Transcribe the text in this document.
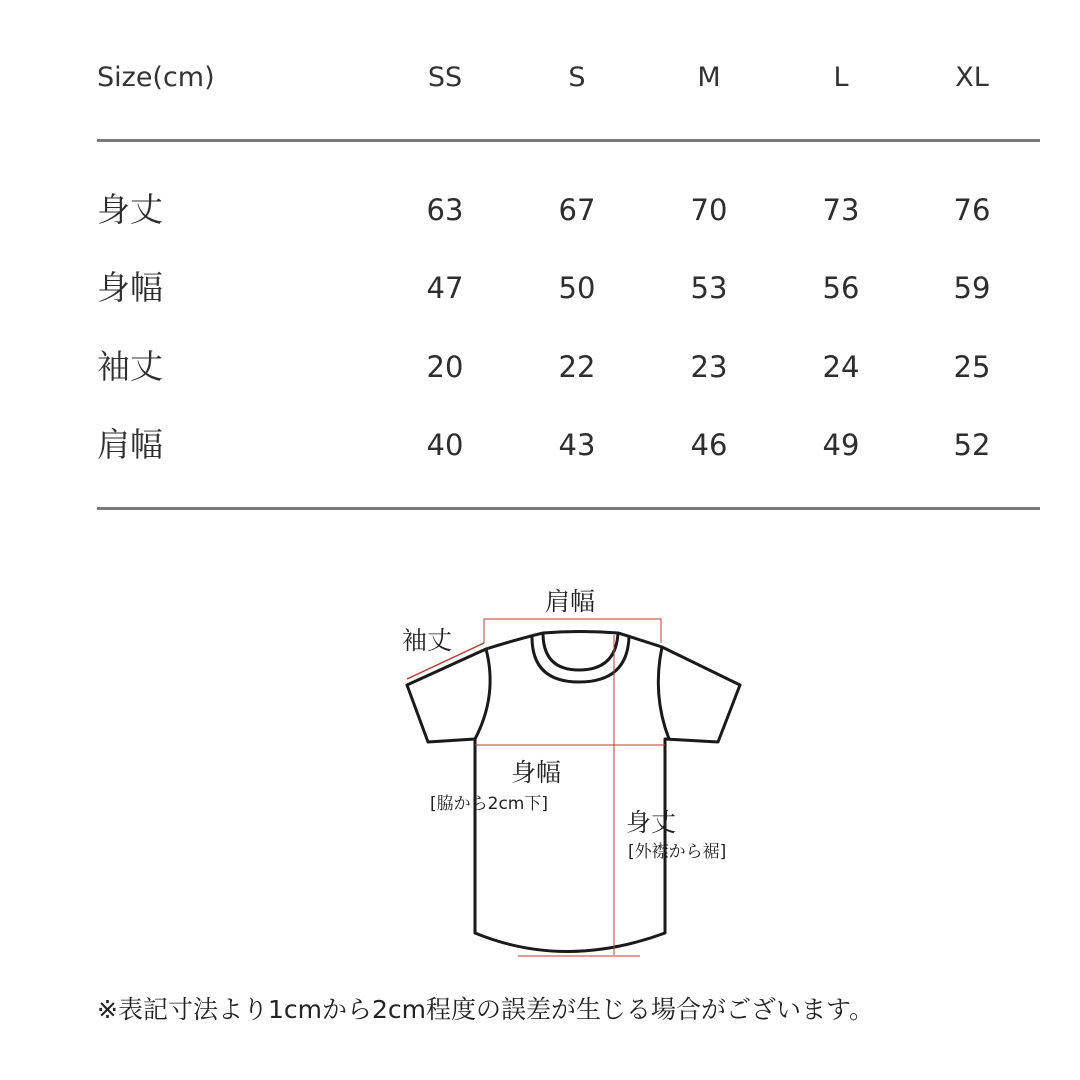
Size(cm)	SS	S	M	L	XL
身丈	63	67	70	73	76
身幅	47	50	53	56	59
袖丈	20	22	23	24	25
肩幅	40	43	46	49	52
肩幅
袖丈
身幅
[脇から2cm下]
身丈
[外襟から裾]
※表記寸法より1cmから2cm程度の誤差が生じる場合がございます。
